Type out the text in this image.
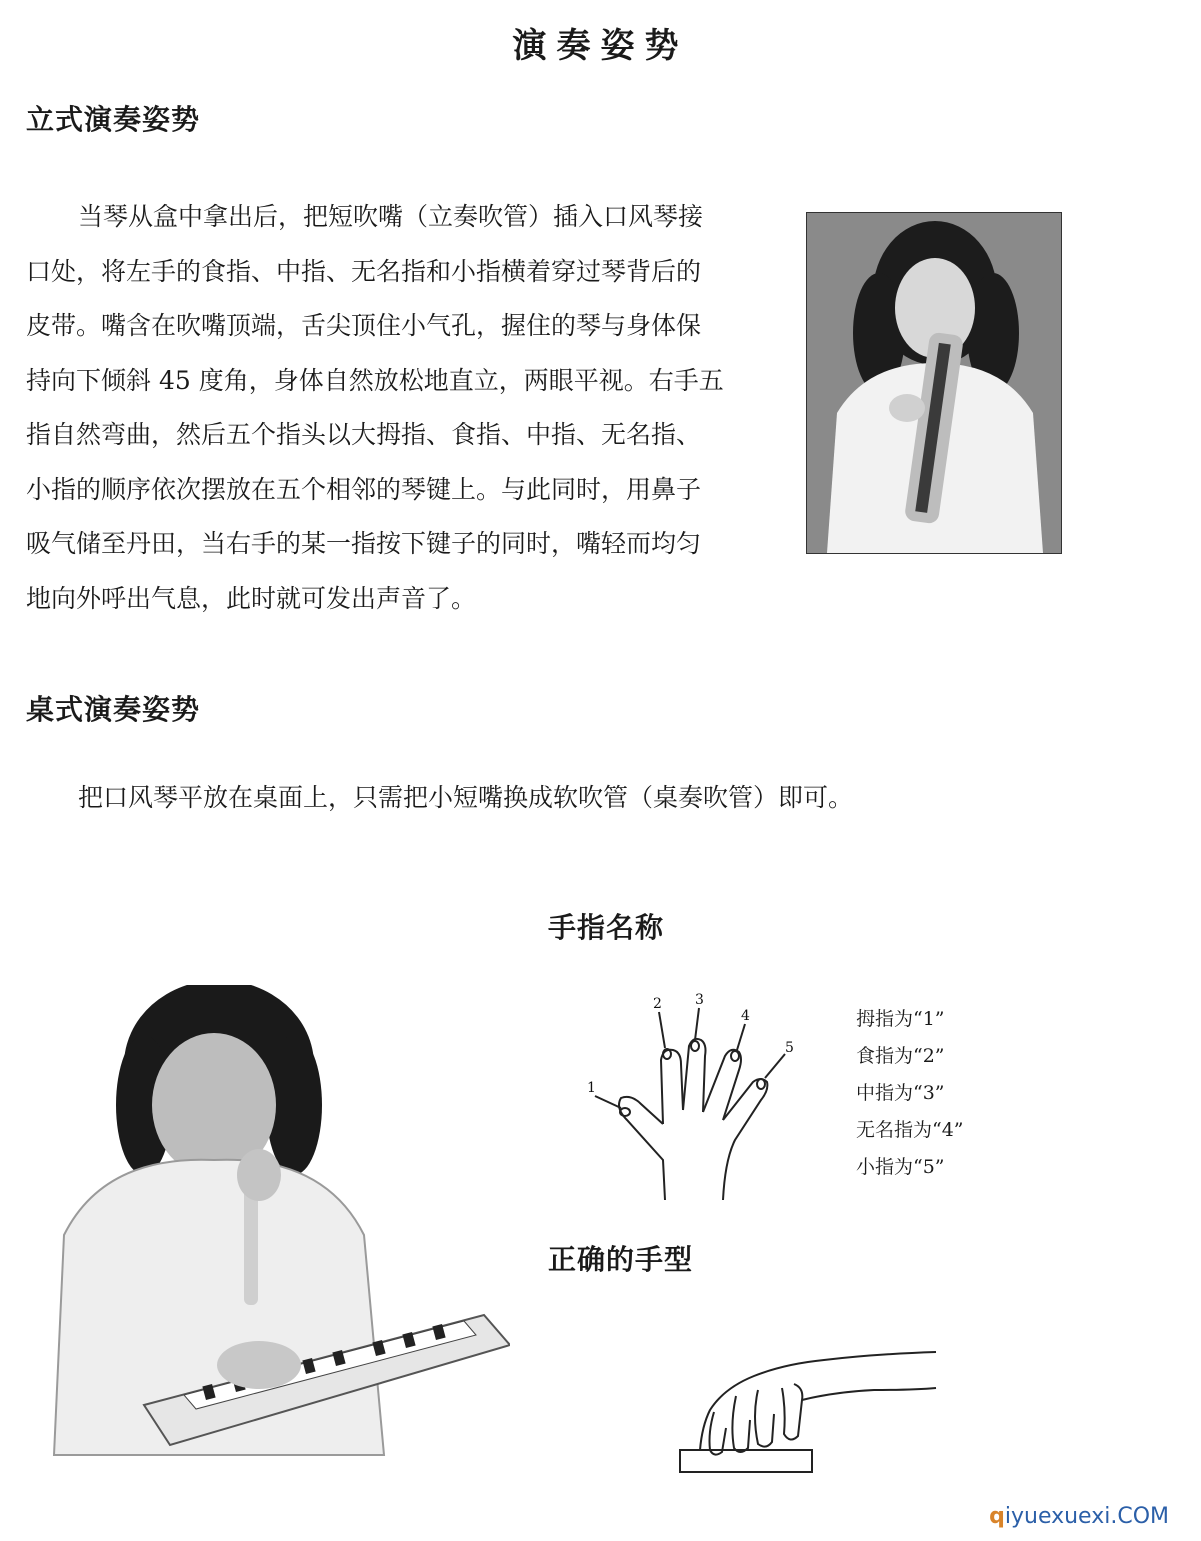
演奏姿势
立式演奏姿势
当琴从盒中拿出后，把短吹嘴（立奏吹管）插入口风琴接
口处，将左手的食指、中指、无名指和小指横着穿过琴背后的
皮带。嘴含在吹嘴顶端，舌尖顶住小气孔，握住的琴与身体保
持向下倾斜 45 度角，身体自然放松地直立，两眼平视。右手五
指自然弯曲，然后五个指头以大拇指、食指、中指、无名指、
小指的顺序依次摆放在五个相邻的琴键上。与此同时，用鼻子
吸气储至丹田，当右手的某一指按下键子的同时，嘴轻而均匀
地向外呼出气息，此时就可发出声音了。
桌式演奏姿势
把口风琴平放在桌面上，只需把小短嘴换成软吹管（桌奏吹管）即可。
手指名称
1
2 3
4
5
拇指为“1”
食指为“2”
中指为“3”
无名指为“4”
小指为“5”
正确的手型
qiyuexuexi.COM
